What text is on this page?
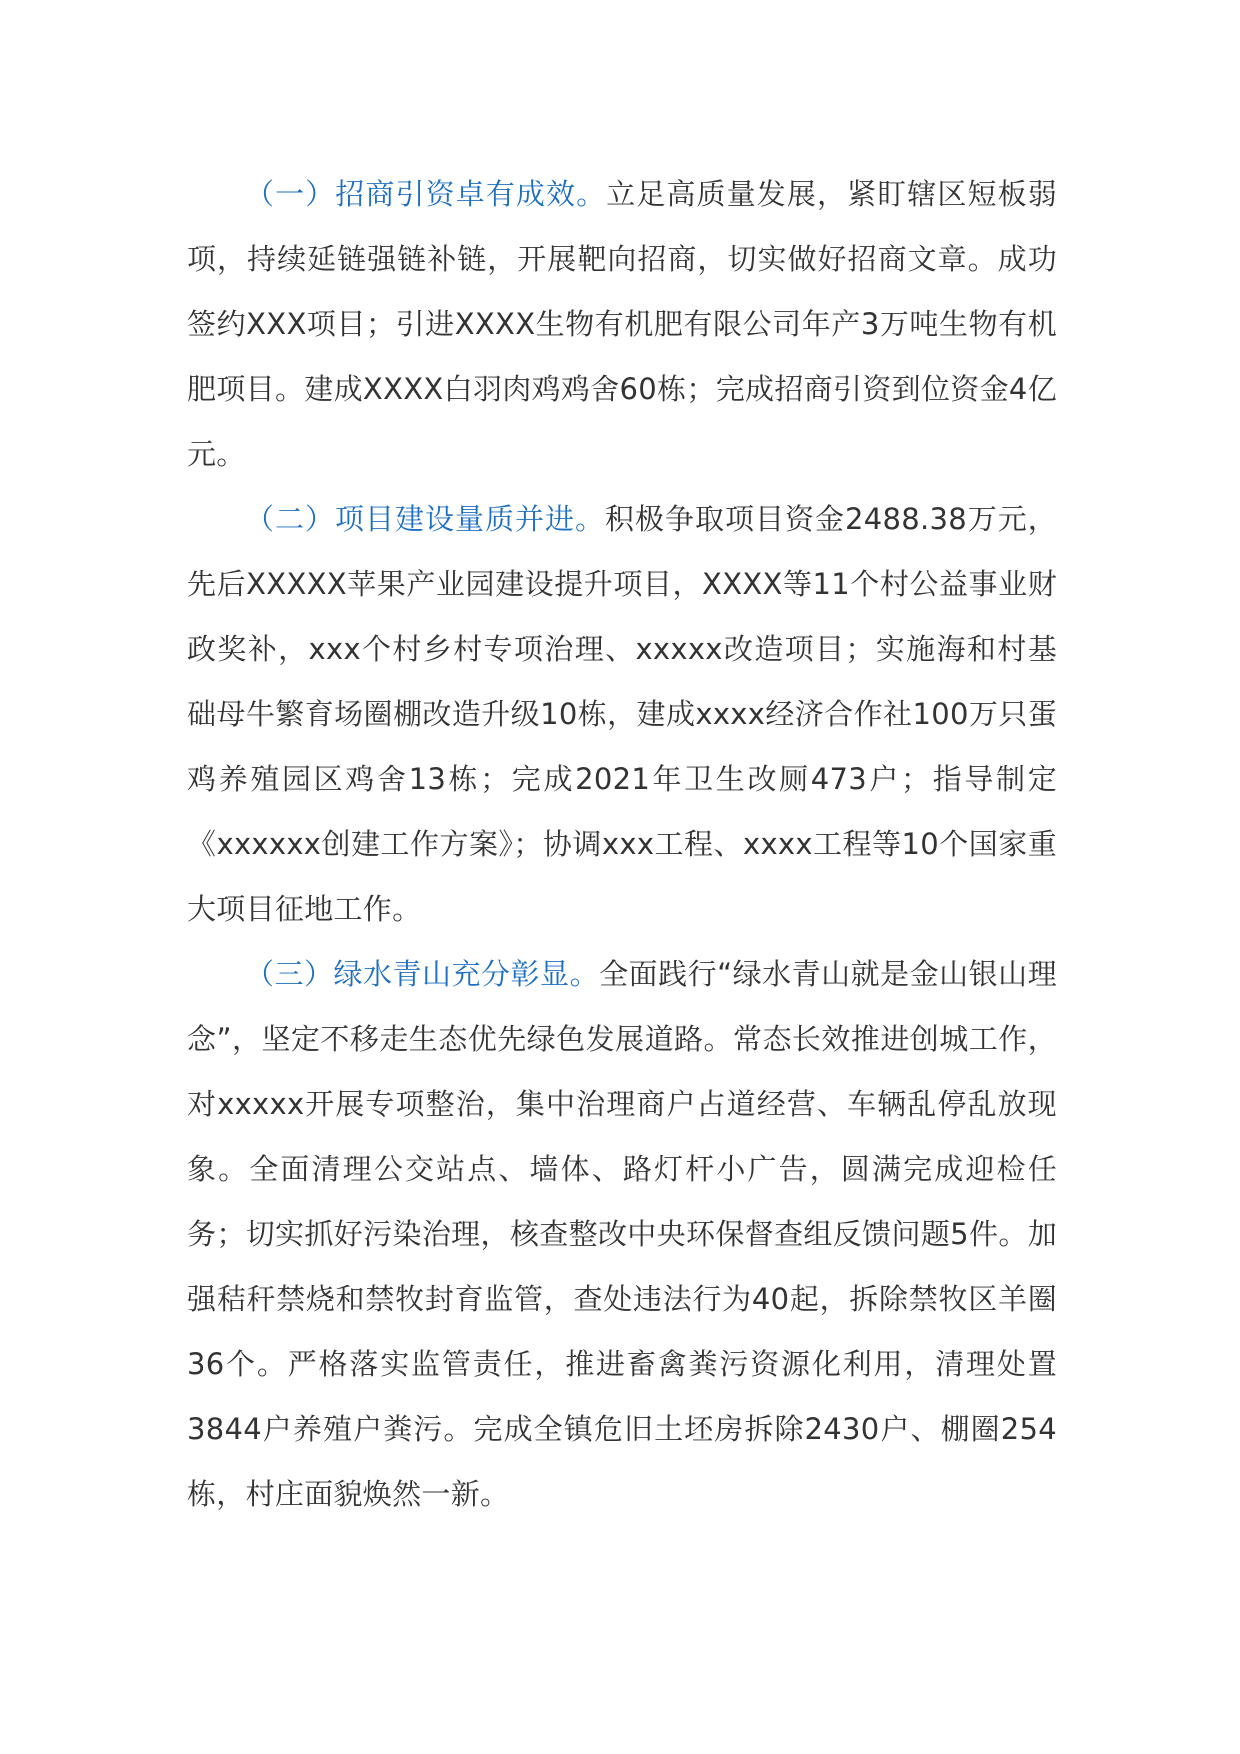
（一）招商引资卓有成效。立足高质量发展，紧盯辖区短板弱项，持续延链强链补链，开展靶向招商，切实做好招商文章。成功签约XXX项目；引进XXXX生物有机肥有限公司年产3万吨生物有机肥项目。建成XXXX白羽肉鸡鸡舍60栋；完成招商引资到位资金4亿元。

（二）项目建设量质并进。积极争取项目资金2488.38万元，先后XXXXX苹果产业园建设提升项目，XXXX等11个村公益事业财政奖补，xxx个村乡村专项治理、xxxxx改造项目；实施海和村基础母牛繁育场圈棚改造升级10栋，建成xxxx经济合作社100万只蛋鸡养殖园区鸡舍13栋；完成2021年卫生改厕473户；指导制定《xxxxxx创建工作方案》；协调xxx工程、xxxx工程等10个国家重大项目征地工作。

（三）绿水青山充分彰显。全面践行“绿水青山就是金山银山理念”，坚定不移走生态优先绿色发展道路。常态长效推进创城工作，对xxxxx开展专项整治，集中治理商户占道经营、车辆乱停乱放现象。全面清理公交站点、墙体、路灯杆小广告，圆满完成迎检任务；切实抓好污染治理，核查整改中央环保督查组反馈问题5件。加强秸秆禁烧和禁牧封育监管，查处违法行为40起，拆除禁牧区羊圈36个。严格落实监管责任，推进畜禽粪污资源化利用，清理处置3844户养殖户粪污。完成全镇危旧土坯房拆除2430户、棚圈254栋，村庄面貌焕然一新。
